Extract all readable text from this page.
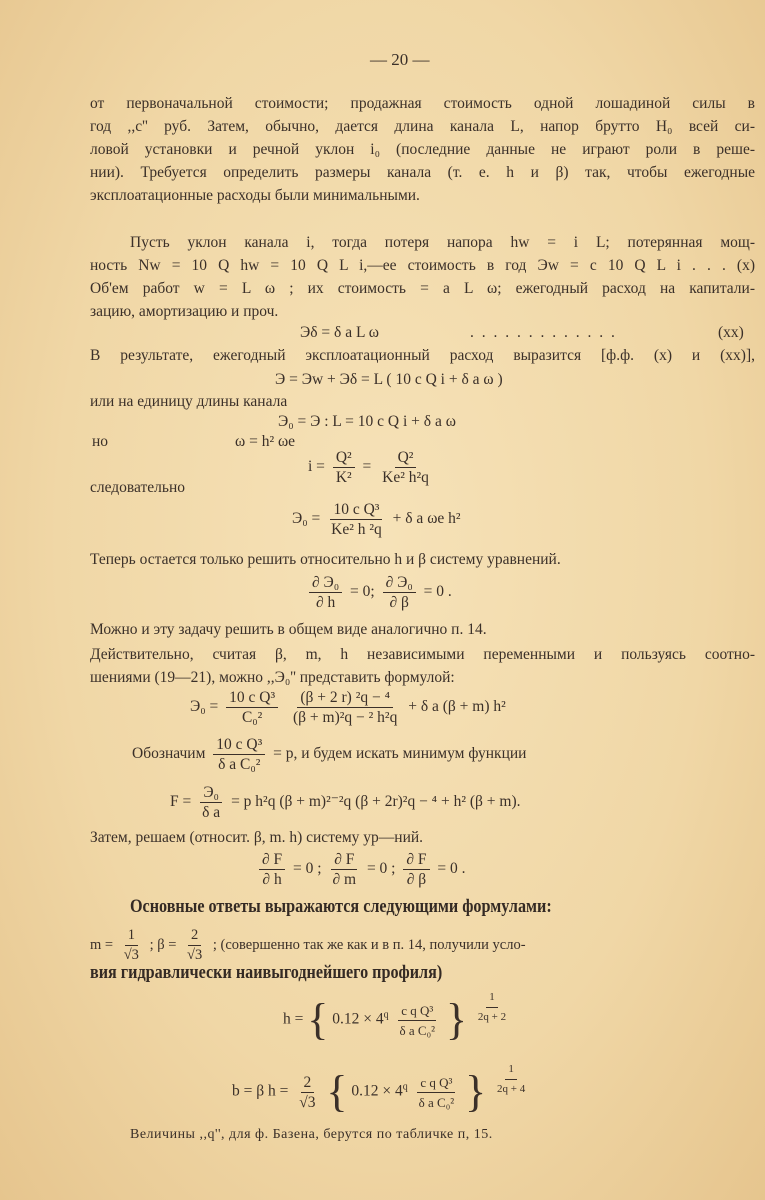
— 20 —
от первоначальной стоимости; продажная стоимость одной лошадиной силы в
год ,,с'' руб. Затем, обычно, дается длина канала L, напор брутто H₀ всей си-
ловой установки и речной уклон i₀ (последние данные не играют роли в реше-
нии). Требуется определить размеры канала (т. е. h и β) так, чтобы ежегодные
эксплоатационные расходы были минимальными.
Пусть уклон канала i, тогда потеря напора hw = i L; потерянная мощ-
ность Nw = 10 Q hw = 10 Q L i,—ее стоимость в год Эw = c 10 Q L i . . . (x)
Об'ем работ w = L ω ; их стоимость = a L ω; ежегодный расход на капитали-
зацию, амортизацию и проч.
Эδ = δ a L ω	. . . . . . . . . . . . .	(xx)
В результате, ежегодный эксплоатационный расход выразится [ф.ф. (x) и (xx)],
Э = Эw + Эδ = L ( 10 c Q i + δ a ω )
или на единицу длины канала
Э₀ = Э : L = 10 c Q i + δ a ω
но	ω = h² ωe
$i = \frac{\text{Q²}}{\text{K²}} = \frac{\text{Q²}}{\text{Ke² h²q}}$
следовательно
$Э_0 = \frac{\text{10 c Q³}}{\text{Ke² h ²q}} + \delta$ a ωe h²
Теперь остается только решить относительно h и β систему уравнений.
∂ Э₀
∂ h
= 0;
∂ Э₀
∂ β
= 0 .
Можно и эту задачу решить в общем виде аналогично п. 14.
Действительно, считая β, m, h независимыми переменными и пользуясь соотно-
шениями (19—21), можно ,,Э₀'' представить формулой:
$Э_0 = \frac{\text{10 c Q³}}{\text{C₀²}}$
$\frac{\text{(β + 2 r) ²q − ⁴}}{\text{(β + m)²q − ² h²q}} + \delta$ a (β + m) h²
Обозначим $\frac{\text{10 c Q³}}{\text{δ a C₀²}} = p$, и будем искать минимум функции
F =
Э₀
δ a
= p h²q (β + m)²⁻²q (β + 2r)²q − ⁴ + h² (β + m).
Затем, решаем (относит. β, m. h) систему ур—ний.
$\frac{\partial F}{\partial h} = 0$ ; $\frac{\partial F}{\partial m} = 0$ ; $\frac{\partial F}{\partial \beta} = 0$ .
Основные ответы выражаются следующими формулами:
$m = \frac{1}{√3}$ ; $\beta = \frac{2}{√3}$ ; (совершенно так же как и в п. 14, получили усло-
вия гидравлически наивыгоднейшего профиля)
h = { $0.12 \times 4^q \frac{\text{c q Q³}}{\text{δ a C₀²}}$ } $\frac{1}{2q + 2}$
b = β $h = \frac{2}{√3}$ { $0.12 \times 4^q \frac{\text{c q Q³}}{\text{δ a C₀²}}$ } $\frac{1}{2q + 4}$
Величины ,,q'', для ф. Базена, берутся по табличке п, 15.
